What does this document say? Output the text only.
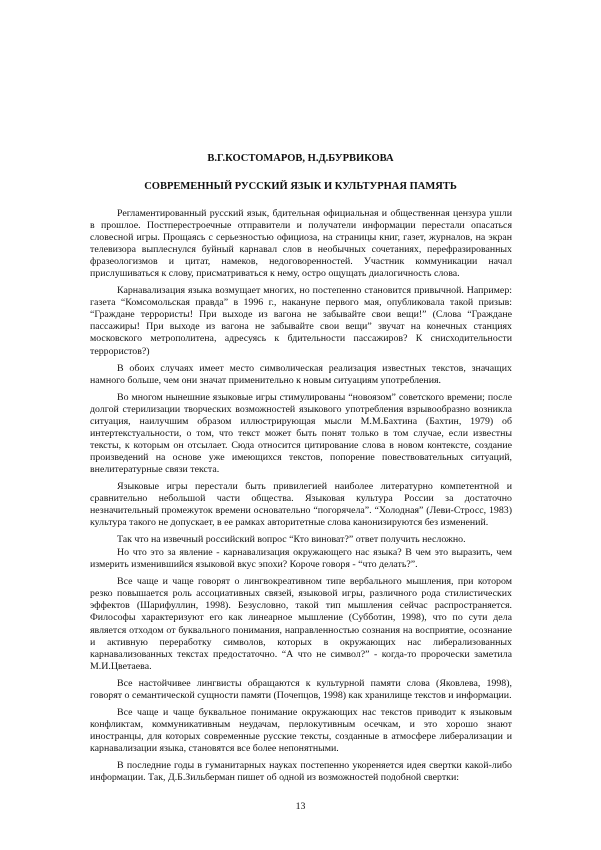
В.Г.КОСТОМАРОВ, Н.Д.БУРВИКОВА
СОВРЕМЕННЫЙ РУССКИЙ ЯЗЫК И КУЛЬТУРНАЯ ПАМЯТЬ

Регламентированный русский язык, бдительная официальная и общественная цензура ушли в прошлое. Постперестроечные отправители и получатели информации перестали опасаться словесной игры. Прощаясь с серьезностью официоза, на страницы книг, газет, журналов, на экран телевизора выплеснулся буйный карнавал слов в необычных сочетаниях, перефразированных фразеологизмов и цитат, намеков, недоговоренностей. Участник коммуникации начал прислушиваться к слову, присматриваться к нему, остро ощущать диалогичность слова.

Карнавализация языка возмущает многих, но постепенно становится привычной. Например: газета “Комсомольская правда” в 1996 г., накануне первого мая, опубликовала такой призыв: “Граждане террористы! При выходе из вагона не забывайте свои вещи!” (Слова “Граждане пассажиры! При выходе из вагона не забывайте свои вещи” звучат на конечных станциях московского метрополитена, адресуясь к бдительности пассажиров? К снисходительности террористов?)

В обоих случаях имеет место символическая реализация известных текстов, значащих намного больше, чем они значат применительно к новым ситуациям употребления.

Во многом нынешние языковые игры стимулированы “новоязом” советского времени; после долгой стерилизации творческих возможностей языкового употребления взрывообразно возникла ситуация, наилучшим образом иллюстрирующая мысли М.М.Бахтина (Бахтин, 1979) об интертекстуальности, о том, что текст может быть понят только в том случае, если известны тексты, к которым он отсылает. Сюда относится цитирование слова в новом контексте, создание произведений на основе уже имеющихся текстов, попорение повествовательных ситуаций, внелитературные связи текста.

Языковые игры перестали быть привилегией наиболее литературно компетентной и сравнительно небольшой части общества. Языковая культура России за достаточно незначительный промежуток времени основательно “погорячела”. “Холодная” (Леви-Стросс, 1983) культура такого не допускает, в ее рамках авторитетные слова канонизируются без изменений.

Так что на извечный российский вопрос “Кто виноват?” ответ получить несложно.

Но что это за явление - карнавализация окружающего нас языка? В чем это выразить, чем измерить изменившийся языковой вкус эпохи? Короче говоря - “что делать?”.

Все чаще и чаще говорят о лингвокреативном типе вербального мышления, при котором резко повышается роль ассоциативных связей, языковой игры, различного рода стилистических эффектов (Шарифуллин, 1998). Безусловно, такой тип мышления сейчас распространяется. Философы характеризуют его как линеарное мышление (Субботин, 1998), что по сути дела является отходом от буквального понимания, направленностью сознания на восприятие, осознание и активную переработку символов, которых в окружающих нас либерализованных карнавализованных текстах предостаточно. “А что не символ?” - когда-то пророчески заметила М.И.Цветаева.

Все настойчивее лингвисты обращаются к культурной памяти слова (Яковлева, 1998), говорят о семантической сущности памяти (Почепцов, 1998) как хранилище текстов и информации.

Все чаще и чаще буквальное понимание окружающих нас текстов приводит к языковым конфликтам, коммуникативным неудачам, перлокутивным осечкам, и это хорошо знают иностранцы, для которых современные русские тексты, созданные в атмосфере либерализации и карнавализации языка, становятся все более непонятными.

В последние годы в гуманитарных науках постепенно укореняется идея свертки какой-либо информации. Так, Д.Б.Зильберман пишет об одной из возможностей подобной свертки:

13
